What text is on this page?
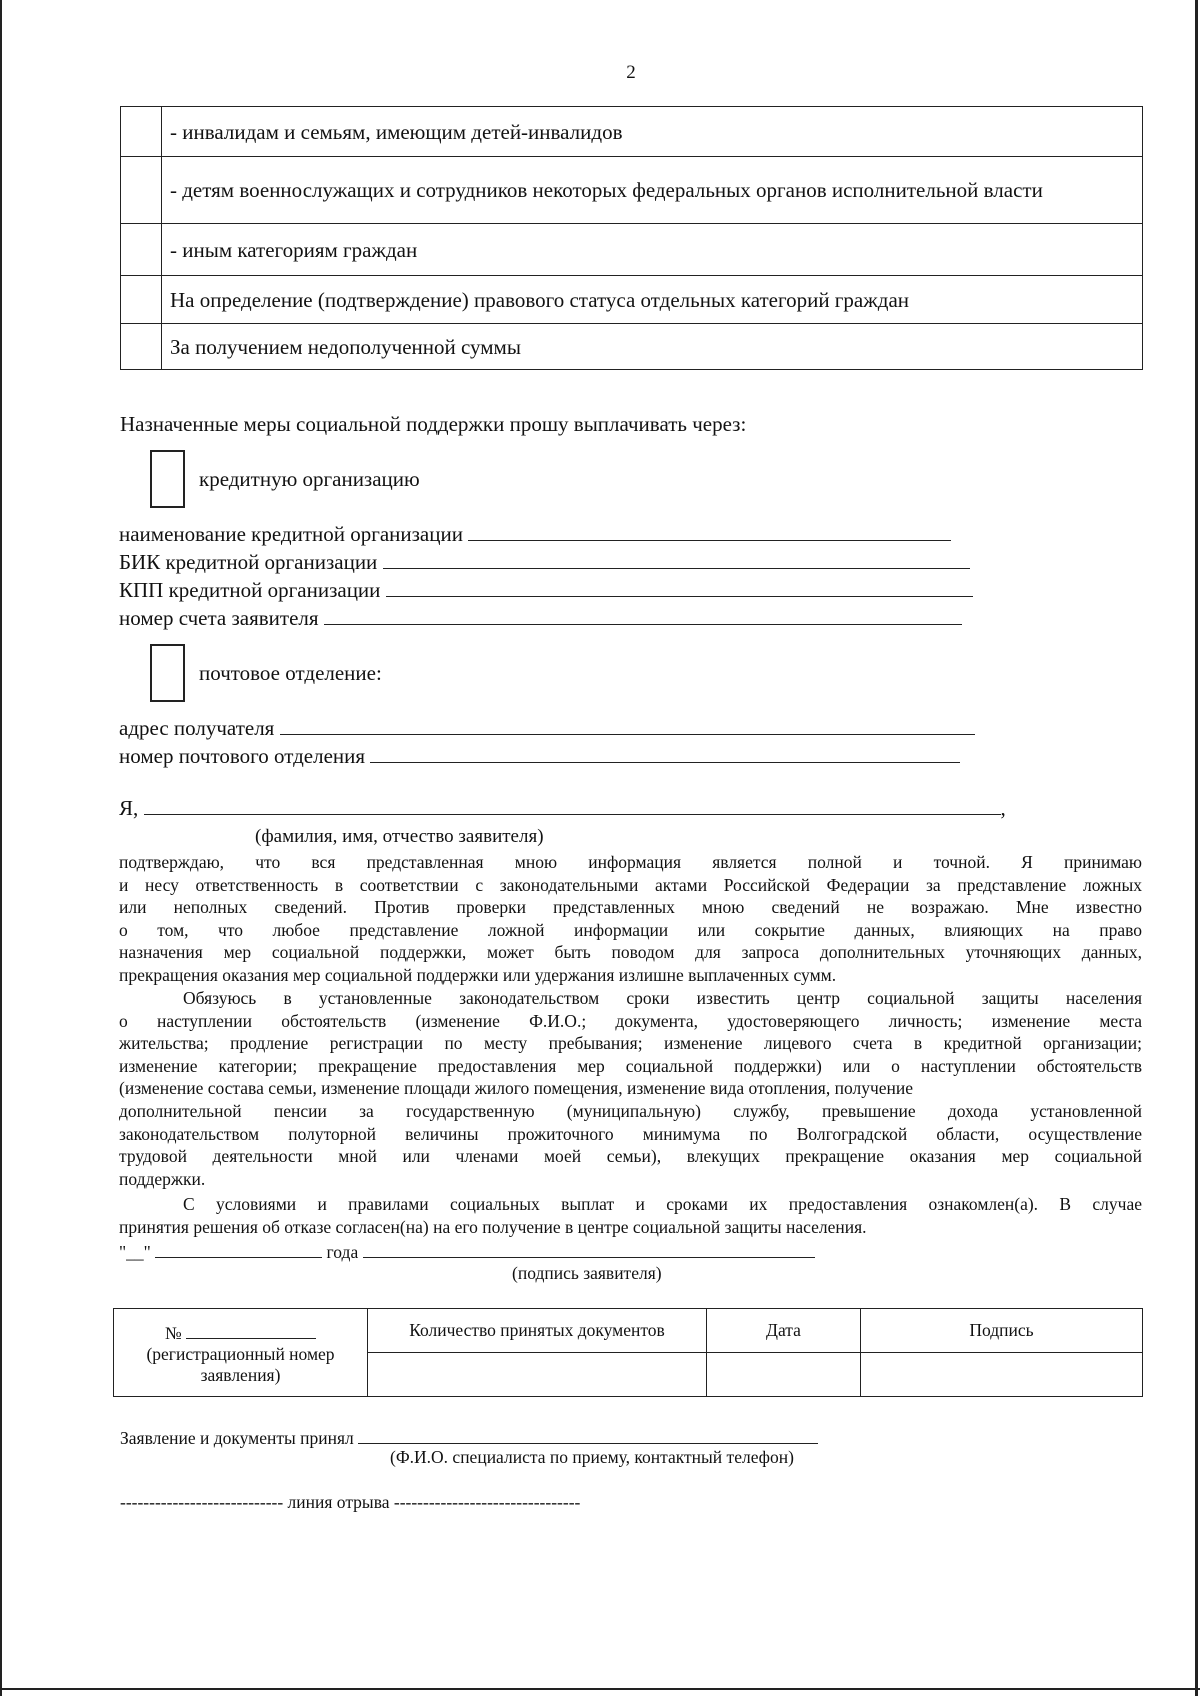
2
	- инвалидам и семьям, имеющим детей-инвалидов
	- детям военнослужащих и сотрудников некоторых федеральных органов исполнительной власти
	- иным категориям граждан
	На определение (подтверждение) правового статуса отдельных категорий граждан
	За получением недополученной суммы
Назначенные меры социальной поддержки прошу выплачивать через:
кредитную организацию
наименование кредитной организации
БИК кредитной организации
КПП кредитной организации
номер счета заявителя
почтовое отделение:
адрес получателя
номер почтового отделения
Я,	,
(фамилия, имя, отчество заявителя)
подтверждаю, что вся представленная мною информация является полной и точной. Я принимаю
и несу ответственность в соответствии с законодательными актами Российской Федерации за представление ложных
или неполных сведений. Против проверки представленных мною сведений не возражаю. Мне известно
о том, что любое представление ложной информации или сокрытие данных, влияющих на право
назначения мер социальной поддержки, может быть поводом для запроса дополнительных уточняющих данных,
прекращения оказания мер социальной поддержки или удержания излишне выплаченных сумм.
Обязуюсь в установленные законодательством сроки известить центр социальной защиты населения
о наступлении обстоятельств (изменение Ф.И.О.; документа, удостоверяющего личность; изменение места
жительства; продление регистрации по месту пребывания; изменение лицевого счета в кредитной организации;
изменение категории; прекращение предоставления мер социальной поддержки) или о наступлении обстоятельств
(изменение состава семьи, изменение площади жилого помещения, изменение вида отопления, получение
дополнительной пенсии за государственную (муниципальную) службу, превышение дохода установленной
законодательством полуторной величины прожиточного минимума по Волгоградской области, осуществление
трудовой деятельности мной или членами моей семьи), влекущих прекращение оказания мер социальной
поддержки.
С условиями и правилами социальных выплат и сроками их предоставления ознакомлен(а). В случае
принятия решения об отказе согласен(на) на его получение в центре социальной защиты населения.
"__"	года
(подпись заявителя)
№
(регистрационный номер
заявления)	Количество принятых документов	Дата	Подпись

Заявление и документы принял
(Ф.И.О. специалиста по приему, контактный телефон)
---------------------------- линия отрыва --------------------------------
